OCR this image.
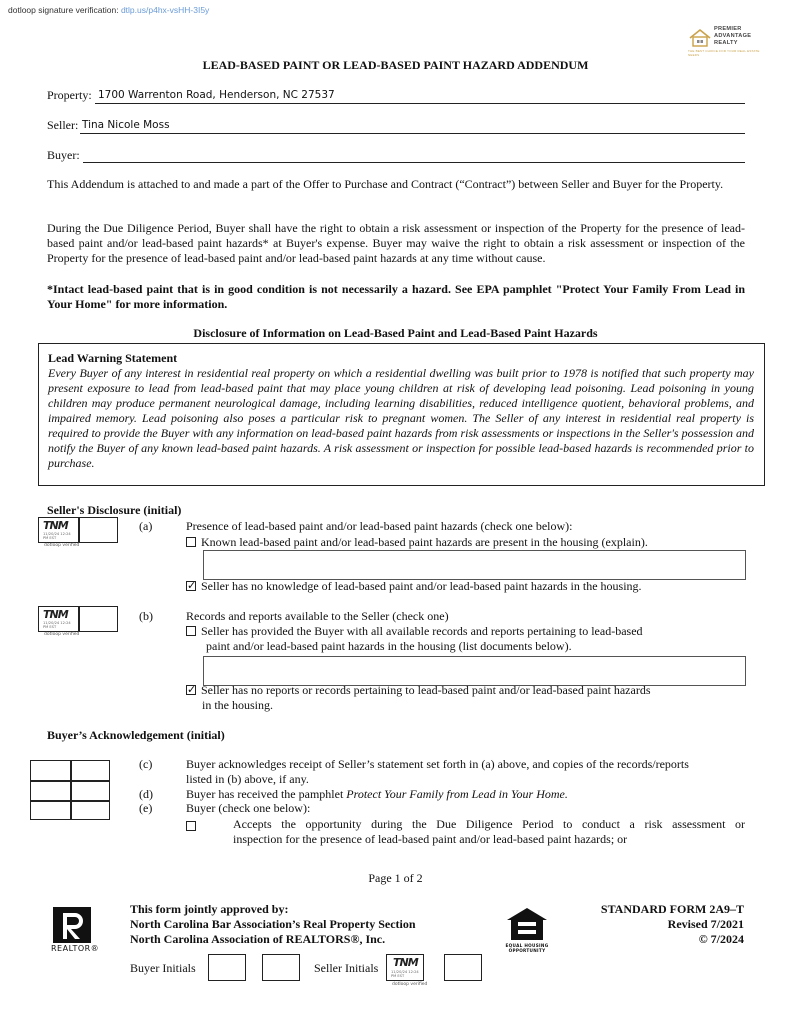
dotloop signature verification: dtlp.us/p4hx-vsHH-3I5y
PREMIER
ADVANTAGE
REALTY
THE BEST CHOICE FOR YOUR REAL ESTATE NEEDS
LEAD-BASED PAINT OR LEAD-BASED PAINT HAZARD ADDENDUM
Property: 1700 Warrenton Road, Henderson, NC 27537
Seller: Tina Nicole Moss
Buyer:
This Addendum is attached to and made a part of the Offer to Purchase and Contract (“Contract”) between Seller and Buyer for the Property.
During the Due Diligence Period, Buyer shall have the right to obtain a risk assessment or inspection of the Property for the presence of lead-based paint and/or lead-based paint hazards* at Buyer's expense. Buyer may waive the right to obtain a risk assessment or inspection of the Property for the presence of lead-based paint and/or lead-based paint hazards at any time without cause.
*Intact lead-based paint that is in good condition is not necessarily a hazard. See EPA pamphlet "Protect Your Family From Lead in Your Home" for more information.
Disclosure of Information on Lead-Based Paint and Lead-Based Paint Hazards
Lead Warning Statement
Every Buyer of any interest in residential real property on which a residential dwelling was built prior to 1978 is notified that such property may present exposure to lead from lead-based paint that may place young children at risk of developing lead poisoning. Lead poisoning in young children may produce permanent neurological damage, including learning disabilities, reduced intelligence quotient, behavioral problems, and impaired memory. Lead poisoning also poses a particular risk to pregnant women. The Seller of any interest in residential real property is required to provide the Buyer with any information on lead-based paint hazards from risk assessments or inspections in the Seller's possession and notify the Buyer of any known lead-based paint hazards. A risk assessment or inspection for possible lead-based hazards is recommended prior to purchase.
Seller's Disclosure (initial)
TNM
11/20/24 12:24 PM EST
dotloop verified
(a)	Presence of lead-based paint and/or lead-based paint hazards (check one below):
Known lead-based paint and/or lead-based paint hazards are present in the housing (explain).
✓Seller has no knowledge of lead-based paint and/or lead-based paint hazards in the housing.
TNM
11/20/24 12:24 PM EST
dotloop verified
(b)	Records and reports available to the Seller (check one)
Seller has provided the Buyer with all available records and reports pertaining to lead-based
paint and/or lead-based paint hazards in the housing (list documents below).
✓Seller has no reports or records pertaining to lead-based paint and/or lead-based paint hazards
in the housing.
Buyer’s Acknowledgement (initial)
(c)	Buyer acknowledges receipt of Seller’s statement set forth in (a) above, and copies of the records/reports
listed in (b) above, if any.
(d)	Buyer has received the pamphlet Protect Your Family from Lead in Your Home.
(e)	Buyer (check one below):
Accepts the opportunity during the Due Diligence Period to conduct a risk assessment or
inspection for the presence of lead-based paint and/or lead-based paint hazards; or
Page 1 of 2
REALTOR®
This form jointly approved by:
North Carolina Bar Association’s Real Property Section
North Carolina Association of REALTORS®, Inc.	EQUAL HOUSING
OPPORTUNITY
STANDARD FORM 2A9–T
Revised 7/2021
© 7/2024
Buyer Initials	Seller Initials TNM
11/20/24 12:24 PM EST
dotloop verified
